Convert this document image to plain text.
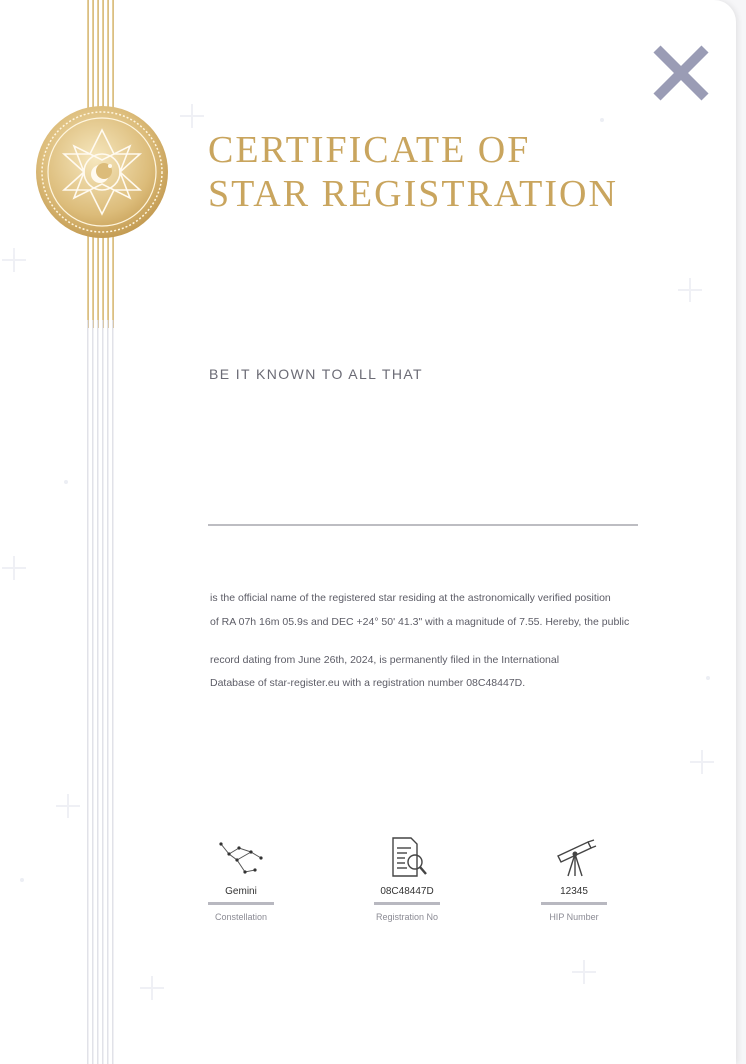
CERTIFICATE OF
STAR REGISTRATION
BE IT KNOWN TO ALL THAT
is the official name of the registered star residing at the astronomically verified position
of RA 07h 16m 05.9s and DEC +24° 50' 41.3" with a magnitude of 7.55. Hereby, the public
record dating from June 26th, 2024, is permanently filed in the International
Database of star-register.eu with a registration number 08C48447D.
Gemini
Constellation
08C48447D
Registration No
12345
HIP Number
